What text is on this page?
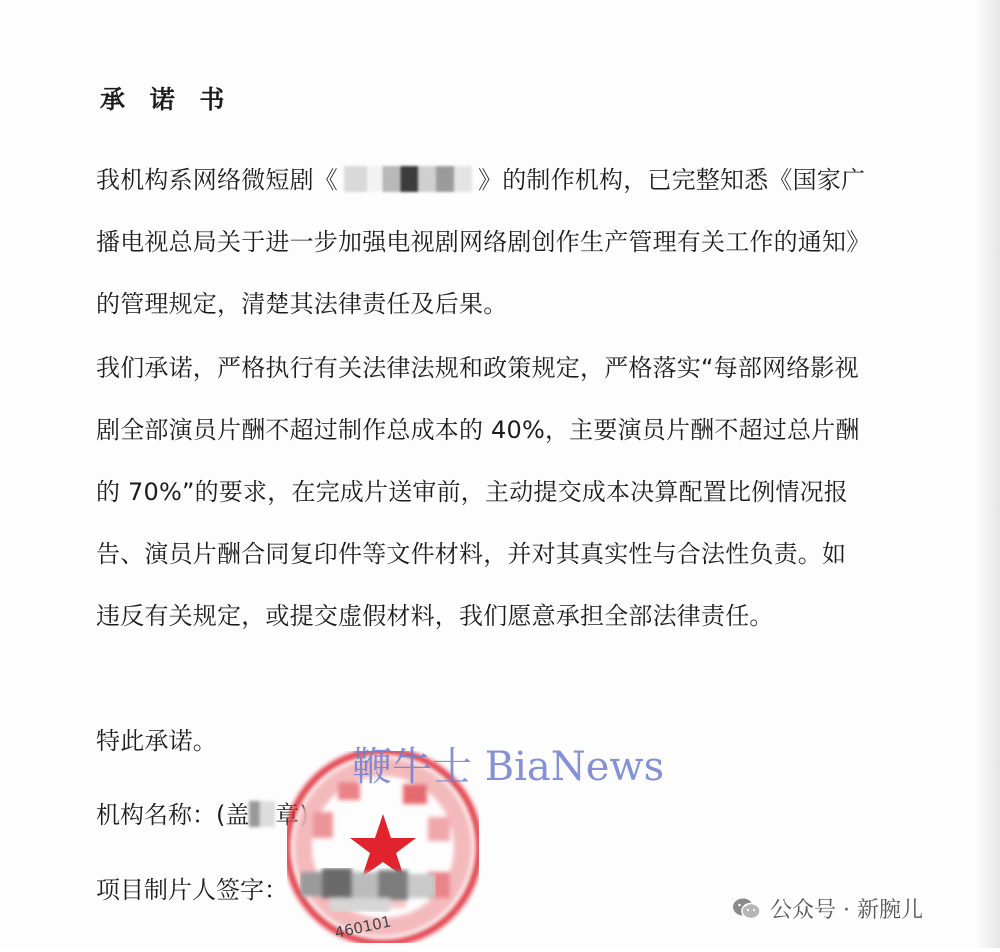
承 诺 书

我机构系网络微短剧《	》的制作机构，已完整知悉《国家广播电视总局关于进一步加强电视剧网络剧创作生产管理有关工作的通知》的管理规定，清楚其法律责任及后果。

我们承诺，严格执行有关法律法规和政策规定，严格落实“每部网络影视剧全部演员片酬不超过制作总成本的 40%，主要演员片酬不超过总片酬的 70%”的要求，在完成片送审前，主动提交成本决算配置比例情况报告、演员片酬合同复印件等文件材料，并对其真实性与合法性负责。如违反有关规定，或提交虚假材料，我们愿意承担全部法律责任。

特此承诺。

机构名称：(盖 章)
项目制片人签字：
460101
鞭牛士 BiaNews
公众号 · 新腕儿
